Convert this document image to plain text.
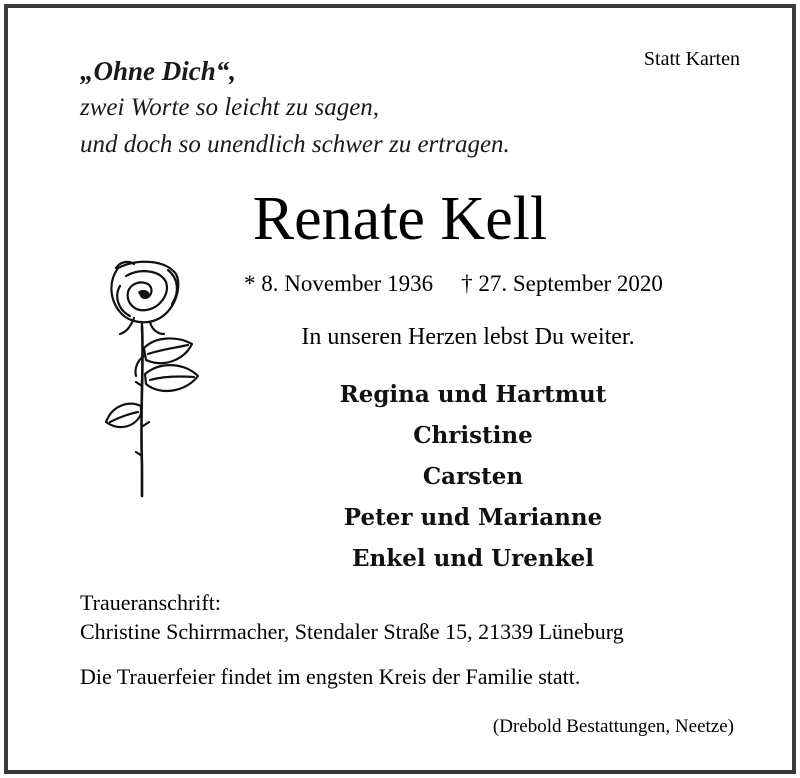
„Ohne Dich“,
zwei Worte so leicht zu sagen,
und doch so unendlich schwer zu ertragen.
Statt Karten
Renate Kell
* 8. November 1936 † 27. September 2020
In unseren Herzen lebst Du weiter.
Regina und Hartmut
Christine
Carsten
Peter und Marianne
Enkel und Urenkel
Traueranschrift:
Christine Schirrmacher, Stendaler Straße 15, 21339 Lüneburg
Die Trauerfeier findet im engsten Kreis der Familie statt.
(Drebold Bestattungen, Neetze)
